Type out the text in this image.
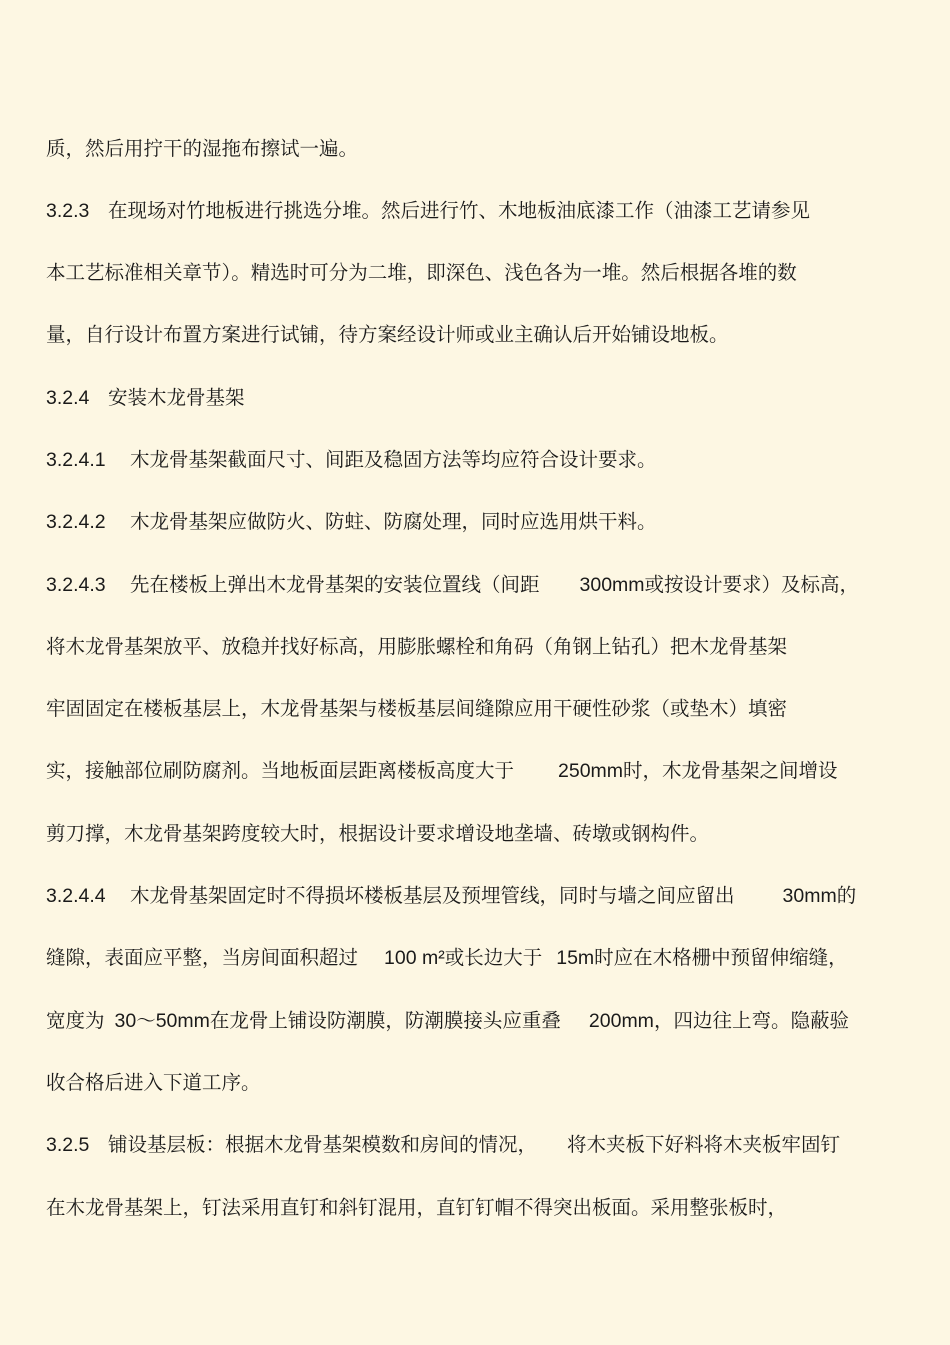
质，然后用拧干的湿拖布擦试一遍。
3.2.3 在现场对竹地板进行挑选分堆。然后进行竹、木地板油底漆工作（油漆工艺请参见
本工艺标准相关章节）。精选时可分为二堆，即深色、浅色各为一堆。然后根据各堆的数
量，自行设计布置方案进行试铺，待方案经设计师或业主确认后开始铺设地板。
3.2.4 安装木龙骨基架
3.2.4.1 木龙骨基架截面尺寸、间距及稳固方法等均应符合设计要求。
3.2.4.2 木龙骨基架应做防火、防蛀、防腐处理，同时应选用烘干料。
3.2.4.3 先在楼板上弹出木龙骨基架的安装位置线（间距 300mm或按设计要求）及标高，
将木龙骨基架放平、放稳并找好标高，用膨胀螺栓和角码（角钢上钻孔）把木龙骨基架
牢固固定在楼板基层上，木龙骨基架与楼板基层间缝隙应用干硬性砂浆（或垫木）填密
实，接触部位刷防腐剂。当地板面层距离楼板高度大于 250mm时，木龙骨基架之间增设
剪刀撑，木龙骨基架跨度较大时，根据设计要求增设地垄墙、砖墩或钢构件。
3.2.4.4 木龙骨基架固定时不得损坏楼板基层及预埋管线，同时与墙之间应留出 30mm的
缝隙，表面应平整，当房间面积超过 100 m²或长边大于 15m时应在木格栅中预留伸缩缝，
宽度为 30～50mm在龙骨上铺设防潮膜，防潮膜接头应重叠 200mm，四边往上弯。隐蔽验
收合格后进入下道工序。
3.2.5 铺设基层板：根据木龙骨基架模数和房间的情况， 将木夹板下好料将木夹板牢固钉
在木龙骨基架上，钉法采用直钉和斜钉混用，直钉钉帽不得突出板面。采用整张板时，
